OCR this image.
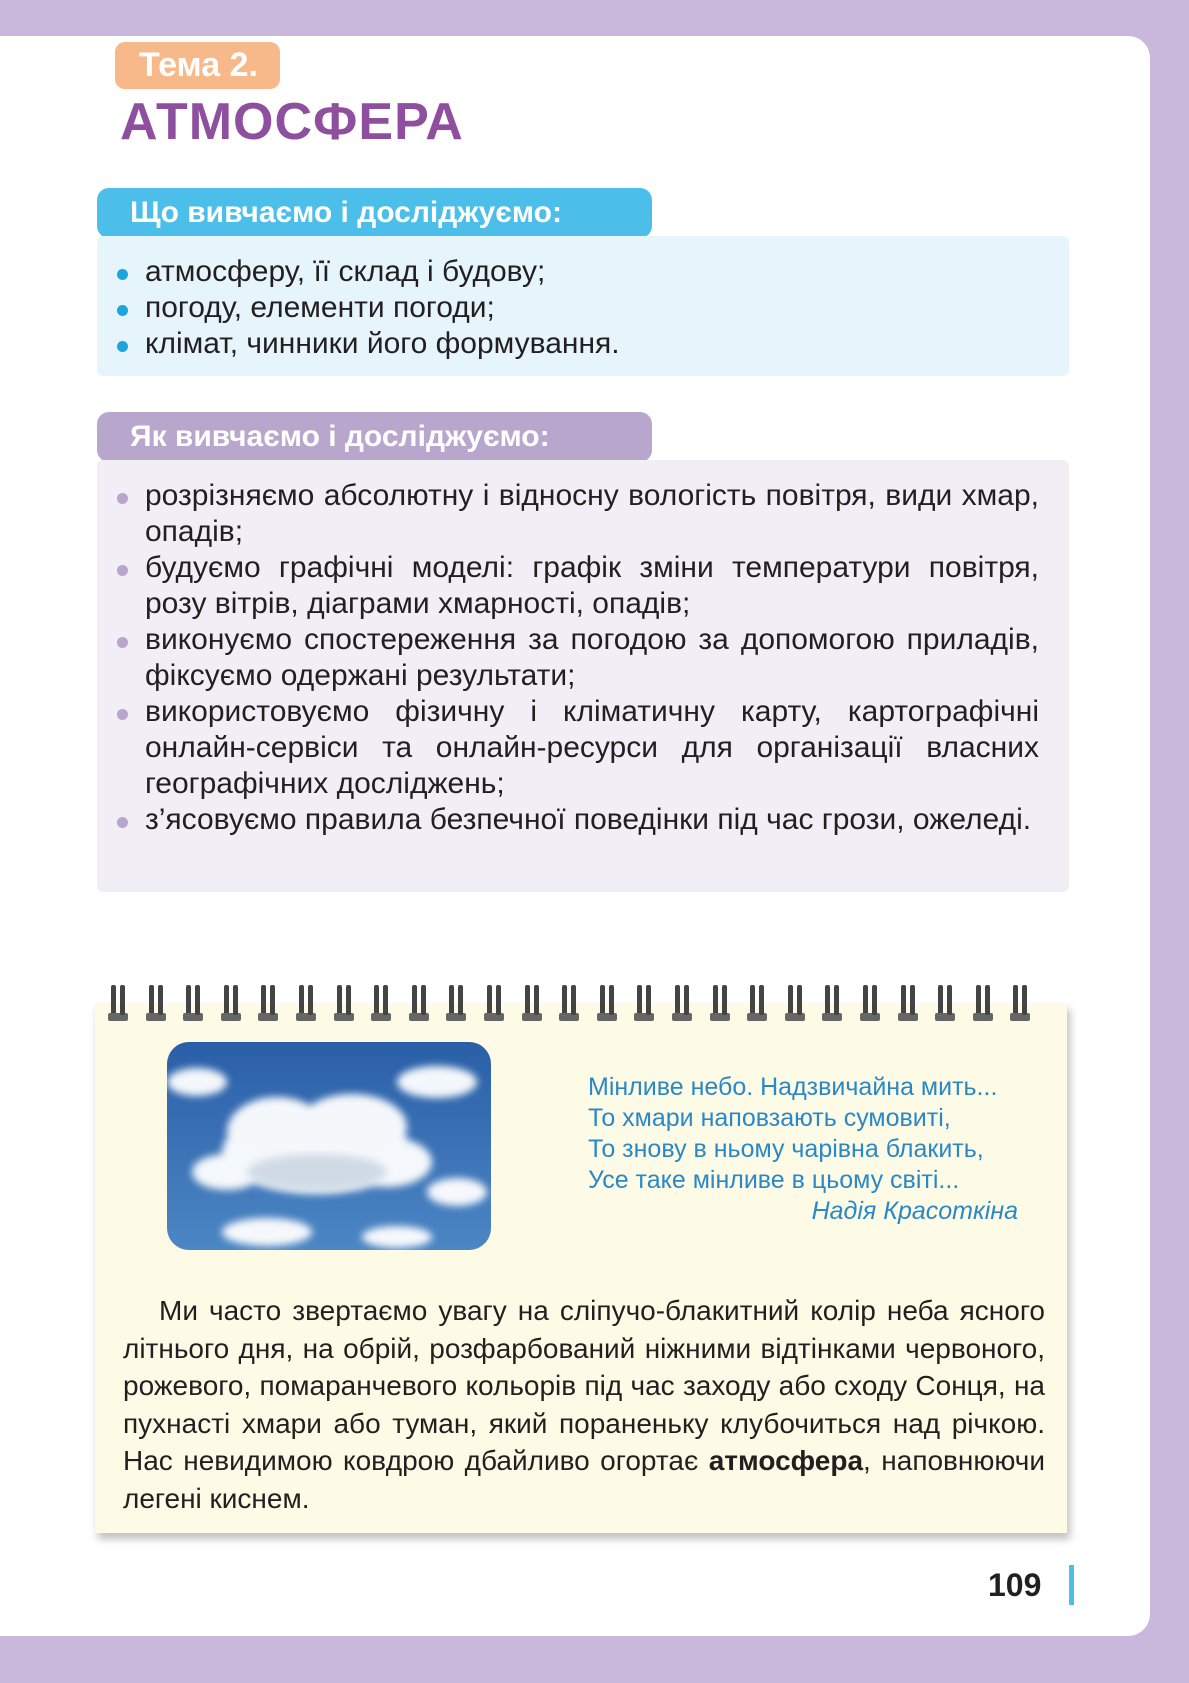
Тема 2.
АТМОСФЕРА
Що вивчаємо і досліджуємо:
атмосферу, її склад і будову;
погоду, елементи погоди;
клімат, чинники його формування.
Як вивчаємо і досліджуємо:
розрізняємо абсолютну і відносну вологість повітря, види хмар, опадів;
будуємо графічні моделі: графік зміни температури повітря, розу вітрів, діаграми хмарності, опадів;
виконуємо спостереження за погодою за допомогою приладів, фіксуємо одержані результати;
використовуємо фізичну і кліматичну карту, картографічні онлайн-сервіси та онлайн-ресурси для організації власних географічних досліджень;
з’ясовуємо правила безпечної поведінки під час грози, ожеледі.
Мінливе небо. Надзвичайна мить...
То хмари наповзають сумовиті,
То знову в ньому чарівна блакить,
Усе таке мінливе в цьому світі...
Надія Красоткіна
Ми часто звертаємо увагу на сліпучо-блакитний колір неба ясного літнього дня, на обрій, розфарбований ніжними відтінками червоного, рожевого, помаранчевого кольорів під час заходу або сходу Сонця, на пухнасті хмари або туман, який пораненьку клубочиться над річкою. Нас невидимою ковдрою дбайливо огортає атмосфера, наповнюючи легені киснем.
109
